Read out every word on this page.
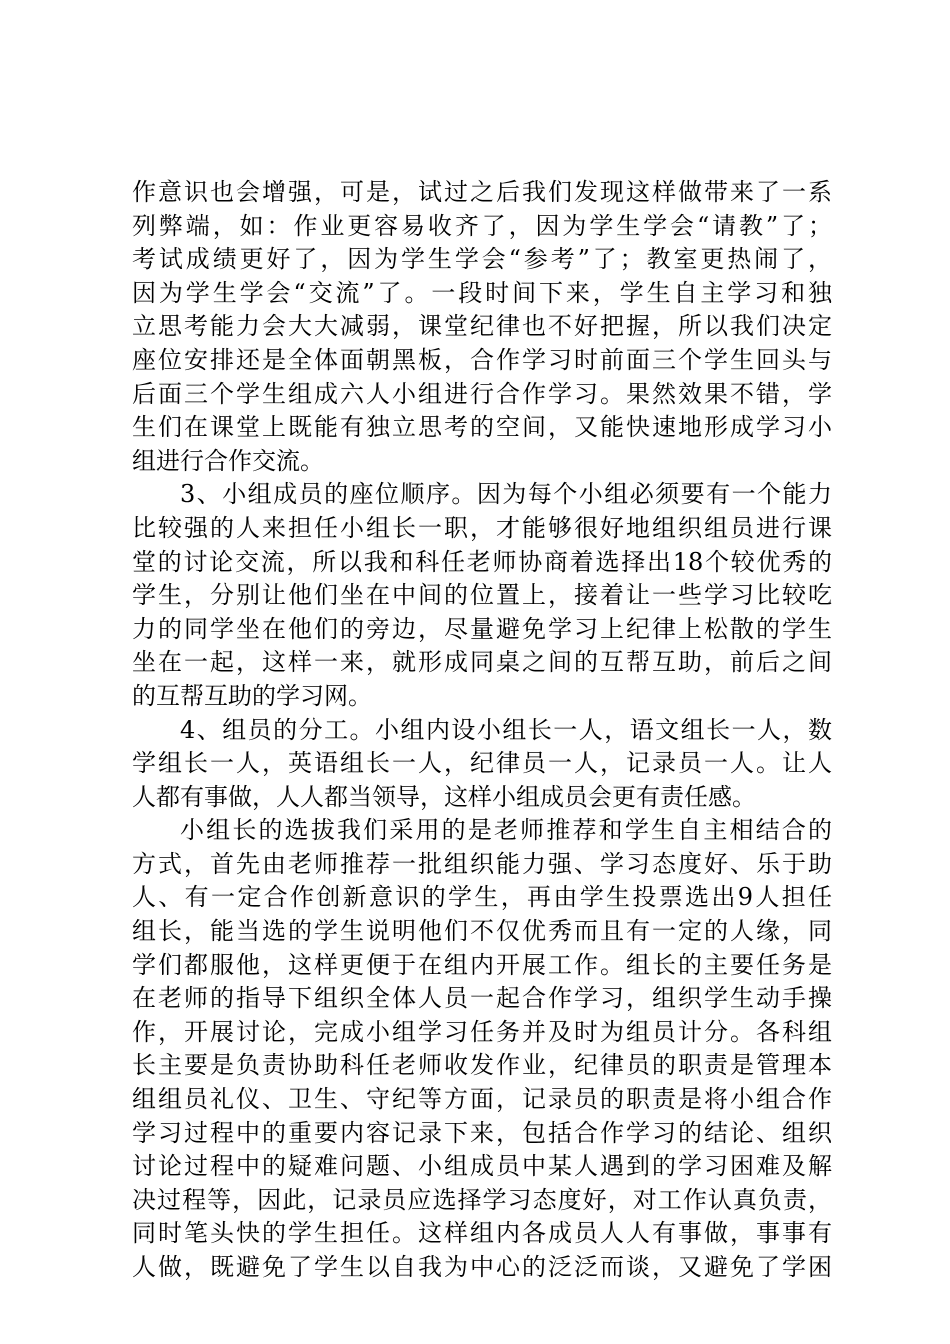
作意识也会增强，可是，试过之后我们发现这样做带来了一系
列弊端，如：作业更容易收齐了，因为学生学会“请教”了；
考试成绩更好了，因为学生学会“参考”了；教室更热闹了，
因为学生学会“交流”了。一段时间下来，学生自主学习和独
立思考能力会大大减弱，课堂纪律也不好把握，所以我们决定
座位安排还是全体面朝黑板，合作学习时前面三个学生回头与
后面三个学生组成六人小组进行合作学习。果然效果不错，学
生们在课堂上既能有独立思考的空间，又能快速地形成学习小
组进行合作交流。
3、小组成员的座位顺序。因为每个小组必须要有一个能力
比较强的人来担任小组长一职，才能够很好地组织组员进行课
堂的讨论交流，所以我和科任老师协商着选择出18个较优秀的
学生，分别让他们坐在中间的位置上，接着让一些学习比较吃
力的同学坐在他们的旁边，尽量避免学习上纪律上松散的学生
坐在一起，这样一来，就形成同桌之间的互帮互助，前后之间
的互帮互助的学习网。
4、组员的分工。小组内设小组长一人，语文组长一人，数
学组长一人，英语组长一人，纪律员一人，记录员一人。让人
人都有事做，人人都当领导，这样小组成员会更有责任感。
小组长的选拔我们采用的是老师推荐和学生自主相结合的
方式，首先由老师推荐一批组织能力强、学习态度好、乐于助
人、有一定合作创新意识的学生，再由学生投票选出9人担任
组长，能当选的学生说明他们不仅优秀而且有一定的人缘，同
学们都服他，这样更便于在组内开展工作。组长的主要任务是
在老师的指导下组织全体人员一起合作学习，组织学生动手操
作，开展讨论，完成小组学习任务并及时为组员计分。各科组
长主要是负责协助科任老师收发作业，纪律员的职责是管理本
组组员礼仪、卫生、守纪等方面，记录员的职责是将小组合作
学习过程中的重要内容记录下来，包括合作学习的结论、组织
讨论过程中的疑难问题、小组成员中某人遇到的学习困难及解
决过程等，因此，记录员应选择学习态度好，对工作认真负责，
同时笔头快的学生担任。这样组内各成员人人有事做，事事有
人做，既避免了学生以自我为中心的泛泛而谈，又避免了学困
